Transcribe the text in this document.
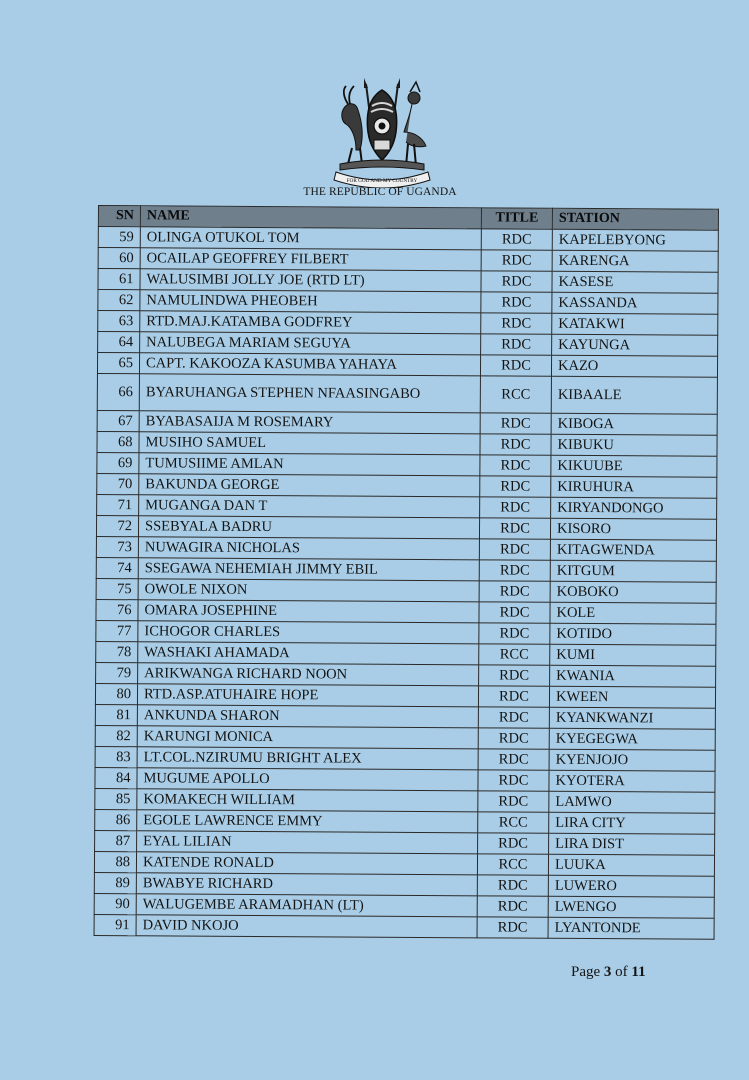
FOR GOD AND MY COUNTRY
THE REPUBLIC OF UGANDA
SN	NAME	TITLE	STATION
59	OLINGA OTUKOL TOM	RDC	KAPELEBYONG
60	OCAILAP GEOFFREY FILBERT	RDC	KARENGA
61	WALUSIMBI JOLLY JOE (RTD LT)	RDC	KASESE
62	NAMULINDWA PHEOBEH	RDC	KASSANDA
63	RTD.MAJ.KATAMBA GODFREY	RDC	KATAKWI
64	NALUBEGA MARIAM SEGUYA	RDC	KAYUNGA
65	CAPT. KAKOOZA KASUMBA YAHAYA	RDC	KAZO
66	BYARUHANGA STEPHEN NFAASINGABO	RCC	KIBAALE
67	BYABASAIJA M ROSEMARY	RDC	KIBOGA
68	MUSIHO SAMUEL	RDC	KIBUKU
69	TUMUSIIME AMLAN	RDC	KIKUUBE
70	BAKUNDA GEORGE	RDC	KIRUHURA
71	MUGANGA DAN T	RDC	KIRYANDONGO
72	SSEBYALA BADRU	RDC	KISORO
73	NUWAGIRA NICHOLAS	RDC	KITAGWENDA
74	SSEGAWA NEHEMIAH JIMMY EBIL	RDC	KITGUM
75	OWOLE NIXON	RDC	KOBOKO
76	OMARA JOSEPHINE	RDC	KOLE
77	ICHOGOR CHARLES	RDC	KOTIDO
78	WASHAKI AHAMADA	RCC	KUMI
79	ARIKWANGA RICHARD NOON	RDC	KWANIA
80	RTD.ASP.ATUHAIRE HOPE	RDC	KWEEN
81	ANKUNDA SHARON	RDC	KYANKWANZI
82	KARUNGI MONICA	RDC	KYEGEGWA
83	LT.COL.NZIRUMU BRIGHT ALEX	RDC	KYENJOJO
84	MUGUME APOLLO	RDC	KYOTERA
85	KOMAKECH WILLIAM	RDC	LAMWO
86	EGOLE LAWRENCE EMMY	RCC	LIRA CITY
87	EYAL LILIAN	RDC	LIRA DIST
88	KATENDE RONALD	RCC	LUUKA
89	BWABYE RICHARD	RDC	LUWERO
90	WALUGEMBE ARAMADHAN (LT)	RDC	LWENGO
91	DAVID NKOJO	RDC	LYANTONDE
Page 3 of 11
